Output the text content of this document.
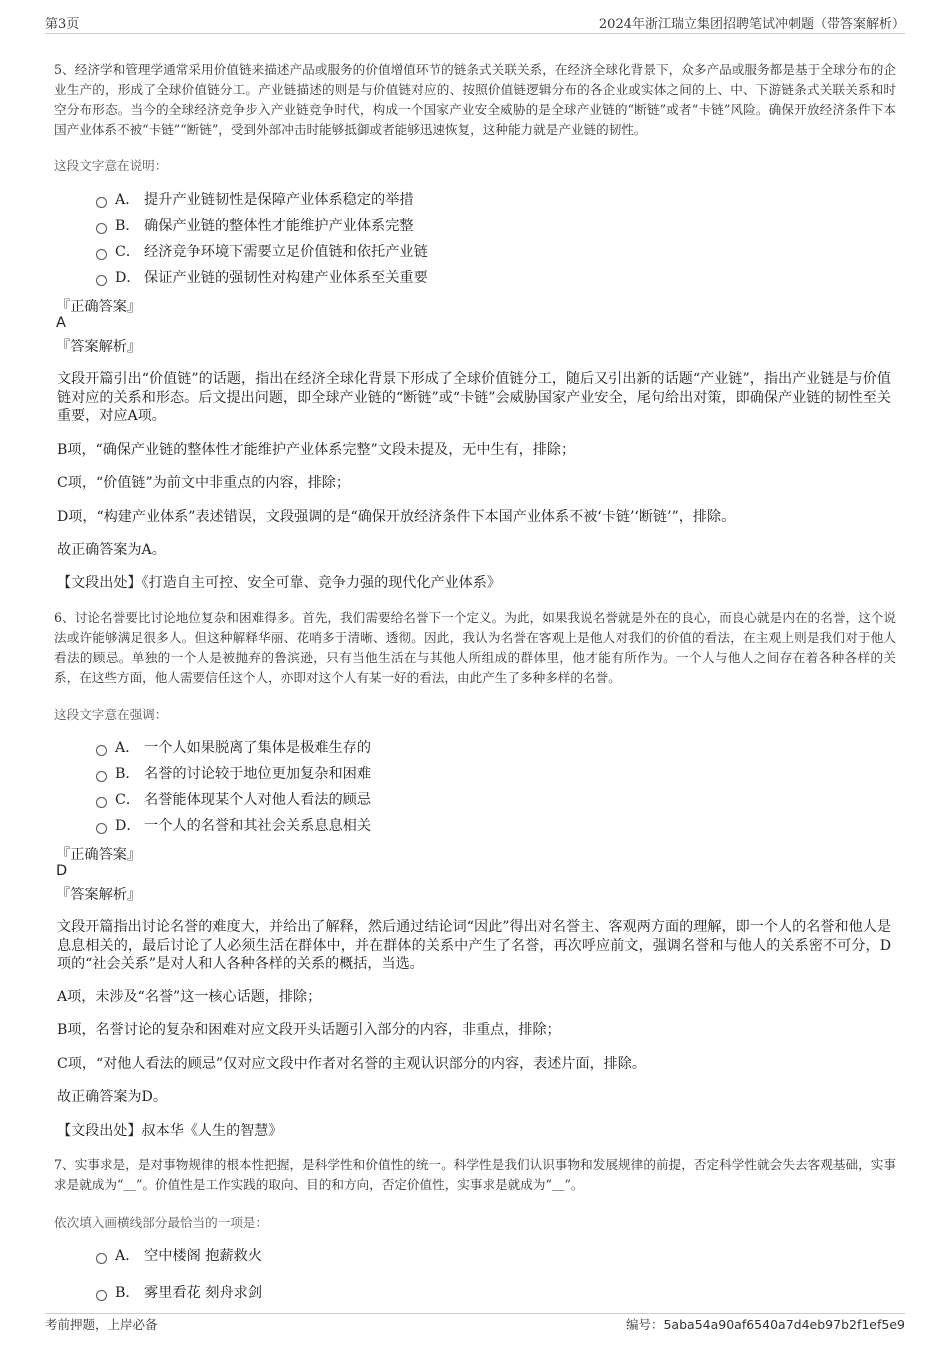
第3页	2024年浙江瑞立集团招聘笔试冲刺题（带答案解析）
5、经济学和管理学通常采用价值链来描述产品或服务的价值增值环节的链条式关联关系，在经济全球化背景下，众多产品或服务都是基于全球分布的企业生产的，形成了全球价值链分工。产业链描述的则是与价值链对应的、按照价值链逻辑分布的各企业或实体之间的上、中、下游链条式关联关系和时空分布形态。当今的全球经济竞争步入产业链竞争时代，构成一个国家产业安全威胁的是全球产业链的“断链”或者“卡链”风险。确保开放经济条件下本国产业体系不被“卡链”“断链”，受到外部冲击时能够抵御或者能够迅速恢复，这种能力就是产业链的韧性。
这段文字意在说明：
A． 提升产业链韧性是保障产业体系稳定的举措
B． 确保产业链的整体性才能维护产业体系完整
C． 经济竞争环境下需要立足价值链和依托产业链
D． 保证产业链的强韧性对构建产业体系至关重要
『正确答案』
A
『答案解析』
文段开篇引出“价值链”的话题，指出在经济全球化背景下形成了全球价值链分工，随后又引出新的话题“产业链”，指出产业链是与价值链对应的关系和形态。后文提出问题，即全球产业链的“断链”或“卡链”会威胁国家产业安全，尾句给出对策，即确保产业链的韧性至关重要，对应A项。
B项，“确保产业链的整体性才能维护产业体系完整”文段未提及，无中生有，排除；
C项，“价值链”为前文中非重点的内容，排除；
D项，“构建产业体系”表述错误，文段强调的是“确保开放经济条件下本国产业体系不被‘卡链’‘断链’”，排除。
故正确答案为A。
【文段出处】《打造自主可控、安全可靠、竞争力强的现代化产业体系》
6、讨论名誉要比讨论地位复杂和困难得多。首先，我们需要给名誉下一个定义。为此，如果我说名誉就是外在的良心，而良心就是内在的名誉，这个说法或许能够满足很多人。但这种解释华丽、花哨多于清晰、透彻。因此，我认为名誉在客观上是他人对我们的价值的看法，在主观上则是我们对于他人看法的顾忌。单独的一个人是被抛弃的鲁滨逊，只有当他生活在与其他人所组成的群体里，他才能有所作为。一个人与他人之间存在着各种各样的关系，在这些方面，他人需要信任这个人，亦即对这个人有某一好的看法，由此产生了多种多样的名誉。
这段文字意在强调：
A． 一个人如果脱离了集体是极难生存的
B． 名誉的讨论较于地位更加复杂和困难
C． 名誉能体现某个人对他人看法的顾忌
D． 一个人的名誉和其社会关系息息相关
『正确答案』
D
『答案解析』
文段开篇指出讨论名誉的难度大，并给出了解释，然后通过结论词“因此”得出对名誉主、客观两方面的理解，即一个人的名誉和他人是息息相关的，最后讨论了人必须生活在群体中，并在群体的关系中产生了名誉，再次呼应前文，强调名誉和与他人的关系密不可分，D项的“社会关系”是对人和人各种各样的关系的概括，当选。
A项，未涉及“名誉”这一核心话题，排除；
B项，名誉讨论的复杂和困难对应文段开头话题引入部分的内容，非重点，排除；
C项，“对他人看法的顾忌”仅对应文段中作者对名誉的主观认识部分的内容，表述片面，排除。
故正确答案为D。
【文段出处】叔本华《人生的智慧》
7、实事求是，是对事物规律的根本性把握，是科学性和价值性的统一。科学性是我们认识事物和发展规律的前提，否定科学性就会失去客观基础，实事求是就成为“＿”。价值性是工作实践的取向、目的和方向，否定价值性，实事求是就成为“＿”。
依次填入画横线部分最恰当的一项是：
A． 空中楼阁 抱薪救火
B． 雾里看花 刻舟求剑
考前押题，上岸必备	编号：5aba54a90af6540a7d4eb97b2f1ef5e9
